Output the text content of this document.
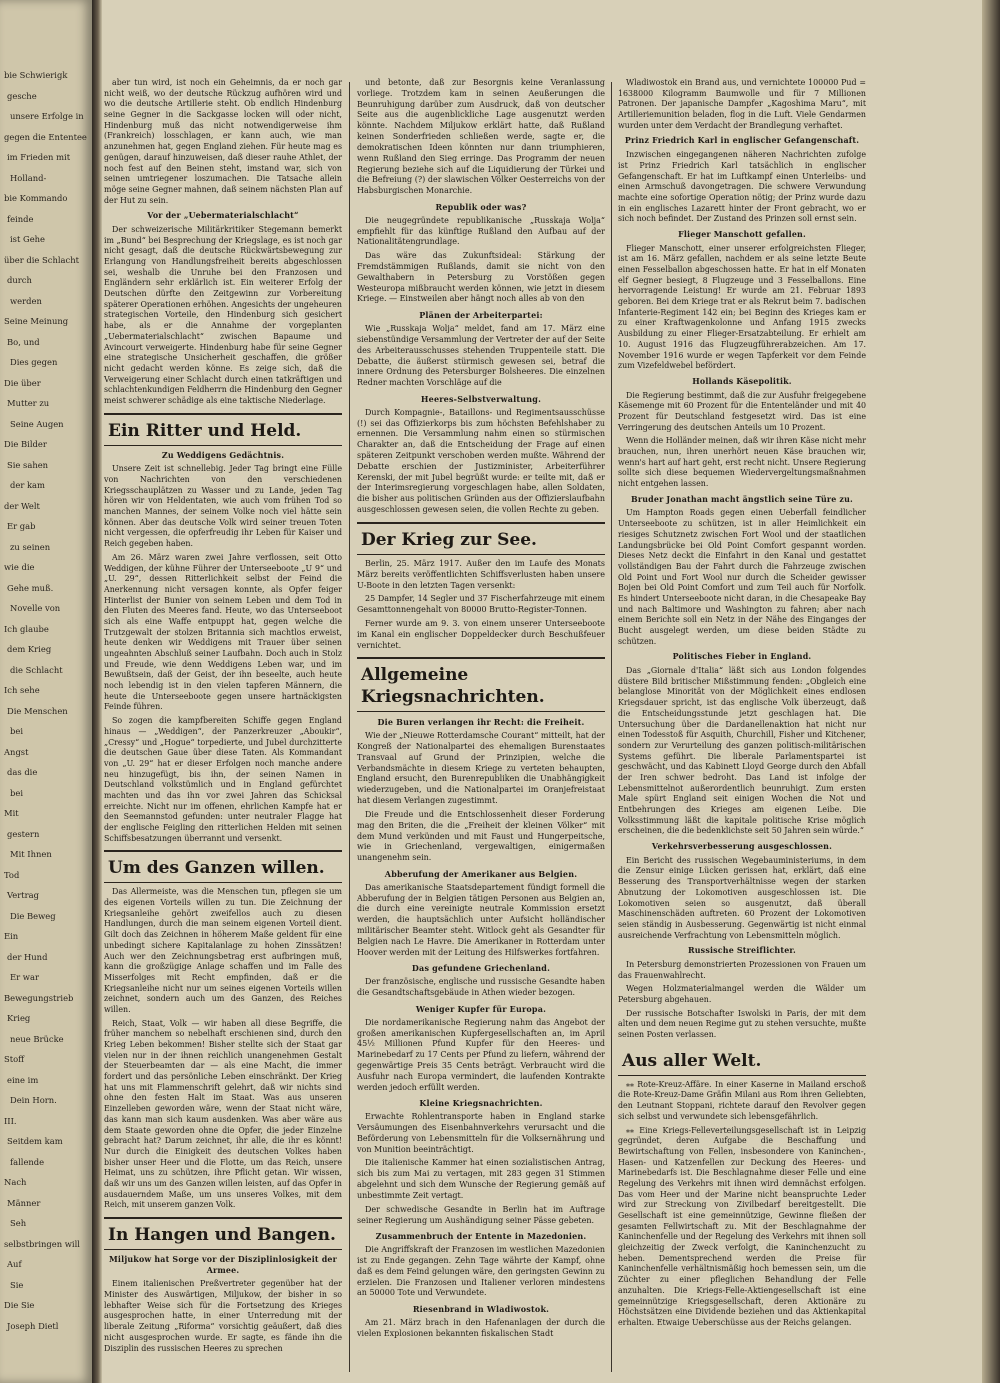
bie Schwierigk
gesche
unsere Erfolge in
gegen die Ententee
im Frieden mit
Holland-
bie Kommando
feinde
ist Gehe
über die Schlacht
durch
werden
Seine Meinung
Bo, und
Dies gegen
Die über
Mutter zu
Seine Augen
Die Bilder
Sie sahen
der kam
der Welt
Er gab
zu seinen
wie die
Gehe muß.
Novelle von
Ich glaube
dem Krieg
die Schlacht
Ich sehe
Die Menschen
bei
Angst
das die
bei
Mit
gestern
Mit Ihnen
Tod
Vertrag
Die Beweg
Ein
der Hund
Er war
Bewegungstrieb
Krieg
neue Brücke
Stoff
eine im
Dein Horn.
III.
Seitdem kam
fallende
Nach
Männer
Seh
selbstbringen will
Auf
Sie
Die Sie
Joseph Dietl

aber tun wird, ist noch ein Geheimnis, da er noch gar nicht weiß, wo der deutsche Rückzug aufhören wird und wo die deutsche Artillerie steht. Ob endlich Hindenburg seine Gegner in die Sackgasse locken will oder nicht, Hindenburg muß das nicht notwendigerweise ihm (Frankreich) losschlagen, er kann auch, wie man anzunehmen hat, gegen England ziehen. Für heute mag es genügen, darauf hinzuweisen, daß dieser rauhe Athlet, der noch fest auf den Beinen steht, imstand war, sich von seinen umtriegener loszumachen. Die Tatsache allein möge seine Gegner mahnen, daß seinem nächsten Plan auf der Hut zu sein.

Vor der „Uebermaterialschlacht“

Der schweizerische Militärkritiker Stegemann bemerkt im „Bund“ bei Besprechung der Kriegslage, es ist noch gar nicht gesagt, daß die deutsche Rückwärtsbewegung zur Erlangung von Handlungsfreiheit bereits abgeschlossen sei, weshalb die Unruhe bei den Franzosen und Engländern sehr erklärlich ist. Ein weiterer Erfolg der Deutschen dürfte den Zeitgewinn zur Vorbereitung späterer Operationen erhöhen. Angesichts der ungeheuren strategischen Vorteile, den Hindenburg sich gesichert habe, als er die Annahme der vorgeplanten „Uebermaterialschlacht“ zwischen Bapaume und Avincourt verweigerte. Hindenburg habe für seine Gegner eine strategische Unsicherheit geschaffen, die größer nicht gedacht werden könne. Es zeige sich, daß die Verweigerung einer Schlacht durch einen tatkräftigen und schlachtenkundigen Feldherrn die Hindenburg den Gegner meist schwerer schädige als eine taktische Niederlage.

Ein Ritter und Held.
Zu Weddigens Gedächtnis.

Unsere Zeit ist schnellebig. Jeder Tag bringt eine Fülle von Nachrichten von den verschiedenen Kriegsschauplätzen zu Wasser und zu Lande, jeden Tag hören wir von Heldentaten, wie auch vom frühen Tod so manchen Mannes, der seinem Volke noch viel hätte sein können. Aber das deutsche Volk wird seiner treuen Toten nicht vergessen, die opferfreudig ihr Leben für Kaiser und Reich gegeben haben.

Am 26. März waren zwei Jahre verflossen, seit Otto Weddigen, der kühne Führer der Unterseeboote „U 9“ und „U. 29“, dessen Ritterlichkeit selbst der Feind die Anerkennung nicht versagen konnte, als Opfer feiger Hinterlist der Bunier von seinem Leben und dem Tod in den Fluten des Meeres fand. Heute, wo das Unterseeboot sich als eine Waffe entpuppt hat, gegen welche die Trutzgewalt der stolzen Britannia sich machtlos erweist, heute denken wir Weddigens mit Trauer über seinen ungeahnten Abschluß seiner Laufbahn. Doch auch in Stolz und Freude, wie denn Weddigens Leben war, und im Bewußtsein, daß der Geist, der ihn beseelte, auch heute noch lebendig ist in den vielen tapferen Männern, die heute die Unterseeboote gegen unsere hartnäckigsten Feinde führen.

So zogen die kampfbereiten Schiffe gegen England hinaus — „Weddigen“, der Panzerkreuzer „Aboukir“, „Cressy“ und „Hogue“ torpedierte, und Jubel durchzitterte die deutschen Gaue über diese Taten. Als Kommandant von „U. 29“ hat er dieser Erfolgen noch manche andere neu hinzugefügt, bis ihn, der seinen Namen in Deutschland volkstümlich und in England gefürchtet machten und das ihn vor zwei Jahren das Schicksal erreichte. Nicht nur im offenen, ehrlichen Kampfe hat er den Seemannstod gefunden: unter neutraler Flagge hat der englische Feigling den ritterlichen Helden mit seinen Schiffsbesatzungen überrannt und versenkt.

Um des Ganzen willen.

Das Allermeiste, was die Menschen tun, pflegen sie um des eigenen Vorteils willen zu tun. Die Zeichnung der Kriegsanleihe gehört zweifellos auch zu diesen Handlungen, durch die man seinem eigenen Vorteil dient. Gilt doch das Zeichnen in höherem Maße geldent für eine unbedingt sichere Kapitalanlage zu hohen Zinssätzen! Auch wer den Zeichnungsbetrag erst aufbringen muß, kann die großzügige Anlage schaffen und im Falle des Misserfolges mit Recht empfinden, daß er die Kriegsanleihe nicht nur um seines eigenen Vorteils willen zeichnet, sondern auch um des Ganzen, des Reiches willen.

Reich, Staat, Volk — wir haben all diese Begriffe, die früher manchem so nebelhaft erschienen sind, durch den Krieg Leben bekommen! Bisher stellte sich der Staat gar vielen nur in der ihnen reichlich unangenehmen Gestalt der Steuerbeamten dar — als eine Macht, die immer fordert und das persönliche Leben einschränkt. Der Krieg hat uns mit Flammenschrift gelehrt, daß wir nichts sind ohne den festen Halt im Staat. Was aus unseren Einzelleben geworden wäre, wenn der Staat nicht wäre, das kann man sich kaum ausdenken. Was aber wäre aus dem Staate geworden ohne die Opfer, die jeder Einzelne gebracht hat? Darum zeichnet, ihr alle, die ihr es könnt! Nur durch die Einigkeit des deutschen Volkes haben bisher unser Heer und die Flotte, um das Reich, unsere Heimat, uns zu schützen, ihre Pflicht getan. Wir wissen, daß wir uns um des Ganzen willen leisten, auf das Opfer in ausdauerndem Maße, um uns unseres Volkes, mit dem Reich, mit unserem ganzen Volk.

In Hangen und Bangen.
Miljukow hat Sorge vor der Disziplinlosigkeit der Armee.

Einem italienischen Preßvertreter gegenüber hat der Minister des Auswärtigen, Miljukow, der bisher in so lebhafter Weise sich für die Fortsetzung des Krieges ausgesprochen hatte, in einer Unterredung mit der liberale Zeitung „Riforma“ vorsichtig geäußert, daß dies nicht ausgesprochen wurde. Er sagte, es fände ihn die Disziplin des russischen Heeres zu sprechen

und betonte, daß zur Besorgnis keine Veranlassung vorliege. Trotzdem kam in seinen Aeußerungen die Beunruhigung darüber zum Ausdruck, daß von deutscher Seite aus die augenblickliche Lage ausgenutzt werden könnte. Nachdem Miljukow erklärt hatte, daß Rußland keinen Sonderfrieden schließen werde, sagte er, die demokratischen Ideen könnten nur dann triumphieren, wenn Rußland den Sieg erringe. Das Programm der neuen Regierung beziehe sich auf die Liquidierung der Türkei und die Befreiung (?) der slawischen Völker Oesterreichs von der Habsburgischen Monarchie.

Republik oder was?

Die neugegründete republikanische „Russkaja Wolja“ empfiehlt für das künftige Rußland den Aufbau auf der Nationalitätengrundlage.

Das wäre das Zukunftsideal: Stärkung der Fremdstämmigen Rußlands, damit sie nicht von den Gewalthabern in Petersburg zu Vorstößen gegen Westeuropa mißbraucht werden können, wie jetzt in diesem Kriege. — Einstweilen aber hängt noch alles ab von den

Plänen der Arbeiterpartei:

Wie „Russkaja Wolja“ meldet, fand am 17. März eine siebenstündige Versammlung der Vertreter der auf der Seite des Arbeiterausschusses stehenden Truppenteile statt. Die Debatte, die äußerst stürmisch gewesen sei, betraf die innere Ordnung des Petersburger Bolsheeres. Die einzelnen Redner machten Vorschläge auf die

Heeres-Selbstverwaltung.

Durch Kompagnie-, Bataillons- und Regimentsausschüsse (!) sei das Offizierkorps bis zum höchsten Befehlshaber zu ernennen. Die Versammlung nahm einen so stürmischen Charakter an, daß die Entscheidung der Frage auf einen späteren Zeitpunkt verschoben werden mußte. Während der Debatte erschien der Justizminister, Arbeiterführer Kerenski, der mit Jubel begrüßt wurde: er teilte mit, daß er der Interimsregierung vorgeschlagen habe, allen Soldaten, die bisher aus politischen Gründen aus der Offizierslaufbahn ausgeschlossen gewesen seien, die vollen Rechte zu geben.

Der Krieg zur See.

Berlin, 25. März 1917. Außer den im Laufe des Monats März bereits veröffentlichten Schiffsverlusten haben unsere U-Boote in den letzten Tagen versenkt:

25 Dampfer, 14 Segler und 37 Fischerfahrzeuge mit einem Gesamttonnengehalt von 80000 Brutto-Register-Tonnen.

Ferner wurde am 9. 3. von einem unserer Unterseeboote im Kanal ein englischer Doppeldecker durch Beschußfeuer vernichtet.

Allgemeine Kriegsnachrichten.
Die Buren verlangen ihr Recht: die Freiheit.

Wie der „Nieuwe Rotterdamsche Courant“ mitteilt, hat der Kongreß der Nationalpartei des ehemaligen Burenstaates Transvaal auf Grund der Prinzipien, welche die Verbandsmächte in diesem Kriege zu verteten behaupten, England ersucht, den Burenrepubliken die Unabhängigkeit wiederzugeben, und die Nationalpartei im Oranjefreistaat hat diesem Verlangen zugestimmt.

Die Freude und die Entschlossenheit dieser Forderung mag den Briten, die die „Freiheit der kleinen Völker“ mit dem Mund verkünden und mit Faust und Hungerpeitsche, wie in Griechenland, vergewaltigen, einigermaßen unangenehm sein.

Abberufung der Amerikaner aus Belgien.

Das amerikanische Staatsdepartement fündigt formell die Abberufung der in Belgien tätigen Personen aus Belgien an, die durch eine vereinigte neutrale Kommission ersetzt werden, die hauptsächlich unter Aufsicht holländischer militärischer Beamter steht. Witlock geht als Gesandter für Belgien nach Le Havre. Die Amerikaner in Rotterdam unter Hoover werden mit der Leitung des Hilfswerkes fortfahren.

Das gefundene Griechenland.

Der französische, englische und russische Gesandte haben die Gesandtschaftsgebäude in Athen wieder bezogen.

Weniger Kupfer für Europa.

Die nordamerikanische Regierung nahm das Angebot der großen amerikanischen Kupfergesellschaften an, im April 45½ Millionen Pfund Kupfer für den Heeres- und Marinebedarf zu 17 Cents per Pfund zu liefern, während der gegenwärtige Preis 35 Cents beträgt. Verbraucht wird die Ausfuhr nach Europa vermindert, die laufenden Kontrakte werden jedoch erfüllt werden.

Kleine Kriegsnachrichten.

Erwachte Rohlentransporte haben in England starke Versäumungen des Eisenbahnverkehrs verursacht und die Beförderung von Lebensmitteln für die Volksernährung und von Munition beeinträchtigt.

Die italienische Kammer hat einen sozialistischen Antrag, sich bis zum Mai zu vertagen, mit 283 gegen 31 Stimmen abgelehnt und sich dem Wunsche der Regierung gemäß auf unbestimmte Zeit vertagt.

Der schwedische Gesandte in Berlin hat im Auftrage seiner Regierung um Aushändigung seiner Pässe gebeten.

Zusammenbruch der Entente in Mazedonien.

Die Angriffskraft der Franzosen im westlichen Mazedonien ist zu Ende gegangen. Zehn Tage währte der Kampf, ohne daß es dem Feind gelungen wäre, den geringsten Gewinn zu erzielen. Die Franzosen und Italiener verloren mindestens an 50000 Tote und Verwundete.

Riesenbrand in Wladiwostok.

Am 21. März brach in den Hafenanlagen der durch die vielen Explosionen bekannten fiskalischen Stadt

Wladiwostok ein Brand aus, und vernichtete 100000 Pud = 1638000 Kilogramm Baumwolle und für 7 Millionen Patronen. Der japanische Dampfer „Kagoshima Maru“, mit Artilleriemunition beladen, flog in die Luft. Viele Gendarmen wurden unter dem Verdacht der Brandlegung verhaftet.

Prinz Friedrich Karl in englischer Gefangenschaft.

Inzwischen eingegangenen näheren Nachrichten zufolge ist Prinz Friedrich Karl tatsächlich in englischer Gefangenschaft. Er hat im Luftkampf einen Unterleibs- und einen Armschuß davongetragen. Die schwere Verwundung machte eine sofortige Operation nötig; der Prinz wurde dazu in ein englisches Lazarett hinter der Front gebracht, wo er sich noch befindet. Der Zustand des Prinzen soll ernst sein.

Flieger Manschott gefallen.

Flieger Manschott, einer unserer erfolgreichsten Flieger, ist am 16. März gefallen, nachdem er als seine letzte Beute einen Fesselballon abgeschossen hatte. Er hat in elf Monaten elf Gegner besiegt, 8 Flugzeuge und 3 Fesselballons. Eine hervorragende Leistung! Er wurde am 21. Februar 1893 geboren. Bei dem Kriege trat er als Rekrut beim 7. badischen Infanterie-Regiment 142 ein; bei Beginn des Krieges kam er zu einer Kraftwagenkolonne und Anfang 1915 zwecks Ausbildung zu einer Flieger-Ersatzabteilung. Er erhielt am 10. August 1916 das Flugzeugführerabzeichen. Am 17. November 1916 wurde er wegen Tapferkeit vor dem Feinde zum Vizefeldwebel befördert.

Hollands Käsepolitik.

Die Regierung bestimmt, daß die zur Ausfuhr freigegebene Käsemenge mit 60 Prozent für die Ententeländer und mit 40 Prozent für Deutschland festgesetzt wird. Das ist eine Verringerung des deutschen Anteils um 10 Prozent.

Wenn die Holländer meinen, daß wir ihren Käse nicht mehr brauchen, nun, ihren unerhört neuen Käse brauchen wir, wenn's hart auf hart geht, erst recht nicht. Unsere Regierung sollte sich diese bequemen Wiedervergeltungsmaßnahmen nicht entgehen lassen.

Bruder Jonathan macht ängstlich seine Türe zu.

Um Hampton Roads gegen einen Ueberfall feindlicher Unterseeboote zu schützen, ist in aller Heimlichkeit ein riesiges Schutznetz zwischen Fort Wool und der staatlichen Landungsbrücke bei Old Point Comfort gespannt worden. Dieses Netz deckt die Einfahrt in den Kanal und gestattet vollständigen Bau der Fahrt durch die Fahrzeuge zwischen Old Point und Fort Wool nur durch die Scheider gewisser Bojen bei Old Point Comfort und zum Teil auch für Norfolk. Es hindert Unterseeboote nicht daran, in die Chesapeake Bay und nach Baltimore und Washington zu fahren; aber nach einem Berichte soll ein Netz in der Nähe des Einganges der Bucht ausgelegt werden, um diese beiden Städte zu schützen.

Politisches Fieber in England.

Das „Giornale d'Italia“ läßt sich aus London folgendes düstere Bild britischer Mißstimmung fenden: „Obgleich eine belanglose Minorität von der Möglichkeit eines endlosen Kriegsdauer spricht, ist das englische Volk überzeugt, daß die Entscheidungsstunde jetzt geschlagen hat. Die Untersuchung über die Dardanellenaktion hat nicht nur einen Todesstoß für Asquith, Churchill, Fisher und Kitchener, sondern zur Verurteilung des ganzen politisch-militärischen Systems geführt. Die liberale Parlamentspartei ist geschwächt, und das Kabinett Lloyd George durch den Abfall der Iren schwer bedroht. Das Land ist infolge der Lebensmittelnot außerordentlich beunruhigt. Zum ersten Male spürt England seit einigen Wochen die Not und Entbehrungen des Krieges am eigenen Leibe. Die Volksstimmung läßt die kapitale politische Krise möglich erscheinen, die die bedenklichste seit 50 Jahren sein würde.“

Verkehrsverbesserung ausgeschlossen.

Ein Bericht des russischen Wegebauministeriums, in dem die Zensur einige Lücken gerissen hat, erklärt, daß eine Besserung des Transportverhältnisse wegen der starken Abnutzung der Lokomotiven ausgeschlossen ist. Die Lokomotiven seien so ausgenutzt, daß überall Maschinenschäden auftreten. 60 Prozent der Lokomotiven seien ständig in Ausbesserung. Gegenwärtig ist nicht einmal ausreichende Verfrachtung von Lebensmitteln möglich.

Russische Streiflichter.

In Petersburg demonstrierten Prozessionen von Frauen um das Frauenwahlrecht.

Wegen Holzmaterialmangel werden die Wälder um Petersburg abgehauen.

Der russische Botschafter Iswolski in Paris, der mit dem alten und dem neuen Regime gut zu stehen versuchte, mußte seinen Posten verlassen.

Aus aller Welt.

⁎⁎ Rote-Kreuz-Affäre. In einer Kaserne in Mailand erschoß die Rote-Kreuz-Dame Gräfin Milani aus Rom ihren Geliebten, den Leutnant Stoppani, richtete darauf den Revolver gegen sich selbst und verwundete sich lebensgefährlich.

⁎⁎ Eine Kriegs-Felleverteilungsgesellschaft ist in Leipzig gegründet, deren Aufgabe die Beschaffung und Bewirtschaftung von Fellen, insbesondere von Kaninchen-, Hasen- und Katzenfellen zur Deckung des Heeres- und Marinebedarfs ist. Die Beschlagnahme dieser Felle und eine Regelung des Verkehrs mit ihnen wird demnächst erfolgen. Das vom Heer und der Marine nicht beanspruchte Leder wird zur Streckung von Zivilbedarf bereitgestellt. Die Gesellschaft ist eine gemeinnützige, Gewinne fließen der gesamten Fellwirtschaft zu. Mit der Beschlagnahme der Kaninchenfelle und der Regelung des Verkehrs mit ihnen soll gleichzeitig der Zweck verfolgt, die Kaninchenzucht zu heben. Dementsprechend werden die Preise für Kaninchenfelle verhältnismäßig hoch bemessen sein, um die Züchter zu einer pfleglichen Behandlung der Felle anzuhalten. Die Kriegs-Felle-Aktiengesellschaft ist eine gemeinnützige Kriegsgesellschaft, deren Aktionäre zu Höchstsätzen eine Dividende beziehen und das Aktienkapital erhalten. Etwaige Ueberschüsse aus der Reichs gelangen.
